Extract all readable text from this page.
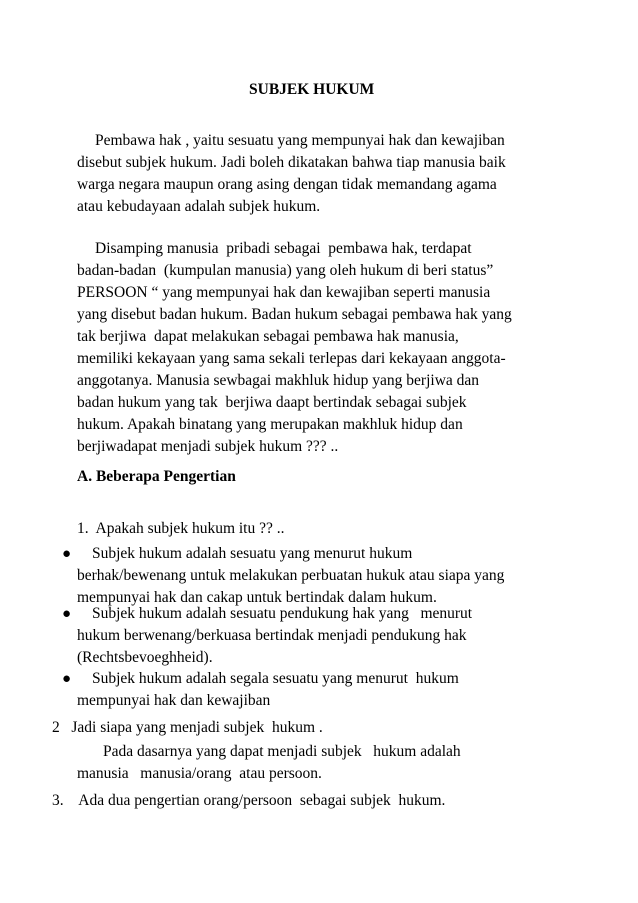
SUBJEK HUKUM
Pembawa hak , yaitu sesuatu yang mempunyai hak dan kewajiban
disebut subjek hukum. Jadi boleh dikatakan bahwa tiap manusia baik
warga negara maupun orang asing dengan tidak memandang agama
atau kebudayaan adalah subjek hukum.
Disamping manusia  pribadi sebagai  pembawa hak, terdapat
badan-badan  (kumpulan manusia) yang oleh hukum di beri status”
PERSOON “ yang mempunyai hak dan kewajiban seperti manusia
yang disebut badan hukum. Badan hukum sebagai pembawa hak yang
tak berjiwa  dapat melakukan sebagai pembawa hak manusia,
memiliki kekayaan yang sama sekali terlepas dari kekayaan anggota-
anggotanya. Manusia sewbagai makhluk hidup yang berjiwa dan
badan hukum yang tak  berjiwa daapt bertindak sebagai subjek
hukum. Apakah binatang yang merupakan makhluk hidup dan
berjiwadapat menjadi subjek hukum ??? ..
A. Beberapa Pengertian
1.  Apakah subjek hukum itu ?? ..
● Subjek hukum adalah sesuatu yang menurut hukum
berhak/bewenang untuk melakukan perbuatan hukuk atau siapa yang
mempunyai hak dan cakap untuk bertindak dalam hukum.
● Subjek hukum adalah sesuatu pendukung hak yang   menurut
hukum berwenang/berkuasa bertindak menjadi pendukung hak
(Rechtsbevoeghheid).
● Subjek hukum adalah segala sesuatu yang menurut  hukum
mempunyai hak dan kewajiban
2   Jadi siapa yang menjadi subjek  hukum .
Pada dasarnya yang dapat menjadi subjek   hukum adalah
manusia   manusia/orang  atau persoon.
3.    Ada dua pengertian orang/persoon  sebagai subjek  hukum.
